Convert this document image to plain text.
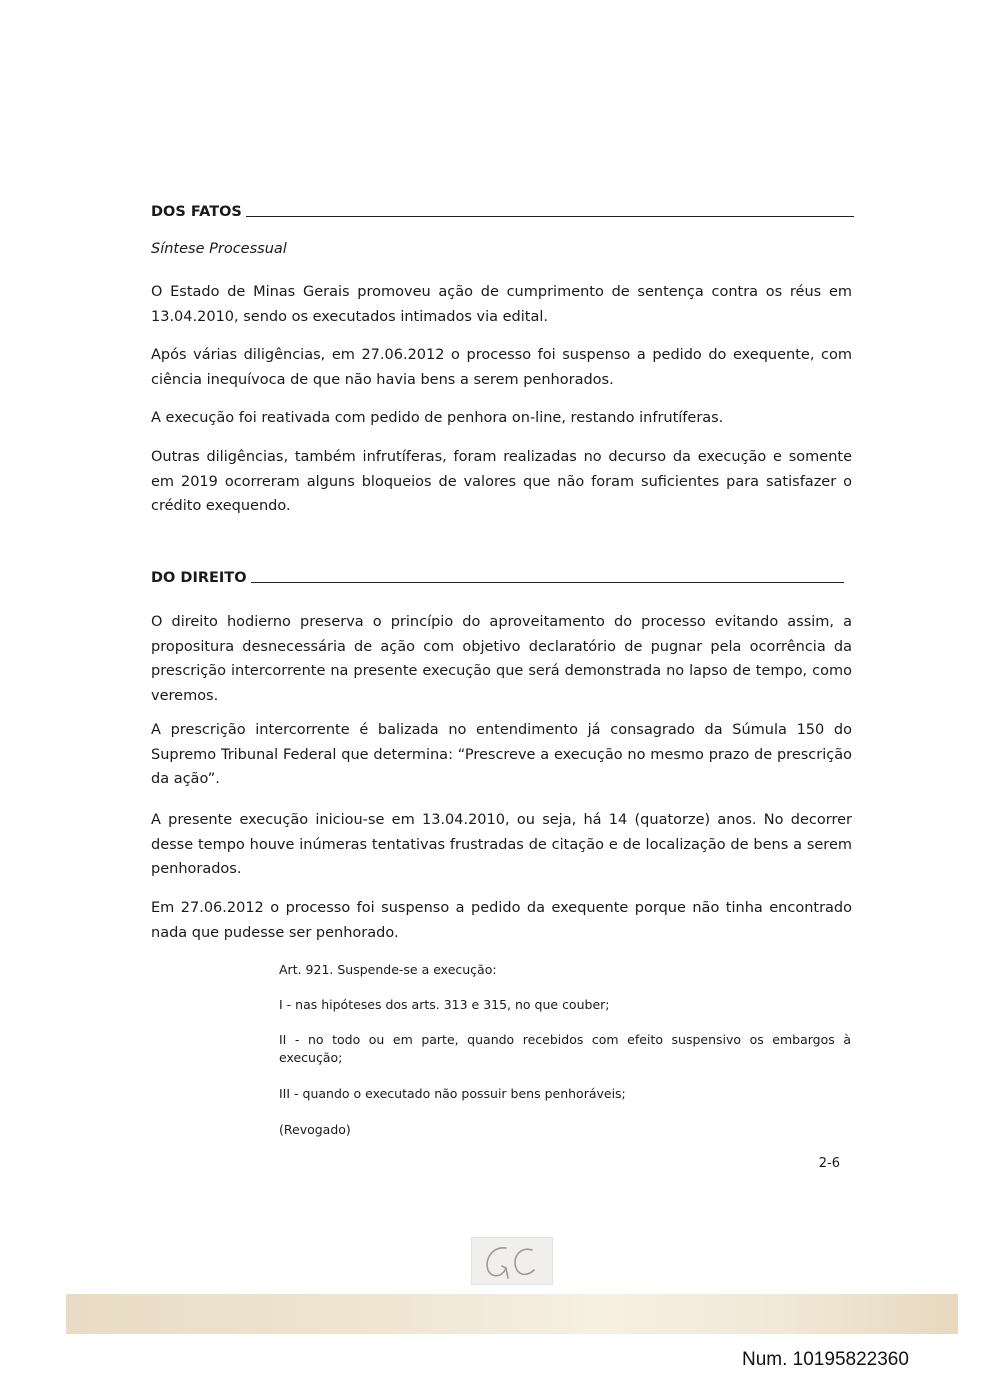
DOS FATOS
Síntese Processual

O Estado de Minas Gerais promoveu ação de cumprimento de sentença contra os réus em 13.04.2010, sendo os executados intimados via edital.

Após várias diligências, em 27.06.2012 o processo foi suspenso a pedido do exequente, com ciência inequívoca de que não havia bens a serem penhorados.

A execução foi reativada com pedido de penhora on-line, restando infrutíferas.

Outras diligências, também infrutíferas, foram realizadas no decurso da execução e somente em 2019 ocorreram alguns bloqueios de valores que não foram suficientes para satisfazer o crédito exequendo.

DO DIREITO

O direito hodierno preserva o princípio do aproveitamento do processo evitando assim, a propositura desnecessária de ação com objetivo declaratório de pugnar pela ocorrência da prescrição intercorrente na presente execução que será demonstrada no lapso de tempo, como veremos.

A prescrição intercorrente é balizada no entendimento já consagrado da Súmula 150 do Supremo Tribunal Federal que determina: “Prescreve a execução no mesmo prazo de prescrição da ação”.

A presente execução iniciou-se em 13.04.2010, ou seja, há 14 (quatorze) anos. No decorrer desse tempo houve inúmeras tentativas frustradas de citação e de localização de bens a serem penhorados.

Em 27.06.2012 o processo foi suspenso a pedido da exequente porque não tinha encontrado nada que pudesse ser penhorado.

Art. 921. Suspende-se a execução:

I - nas hipóteses dos arts. 313 e 315, no que couber;

II - no todo ou em parte, quando recebidos com efeito suspensivo os embargos à execução;

III - quando o executado não possuir bens penhoráveis;

(Revogado)

2-6
Num. 10195822360
